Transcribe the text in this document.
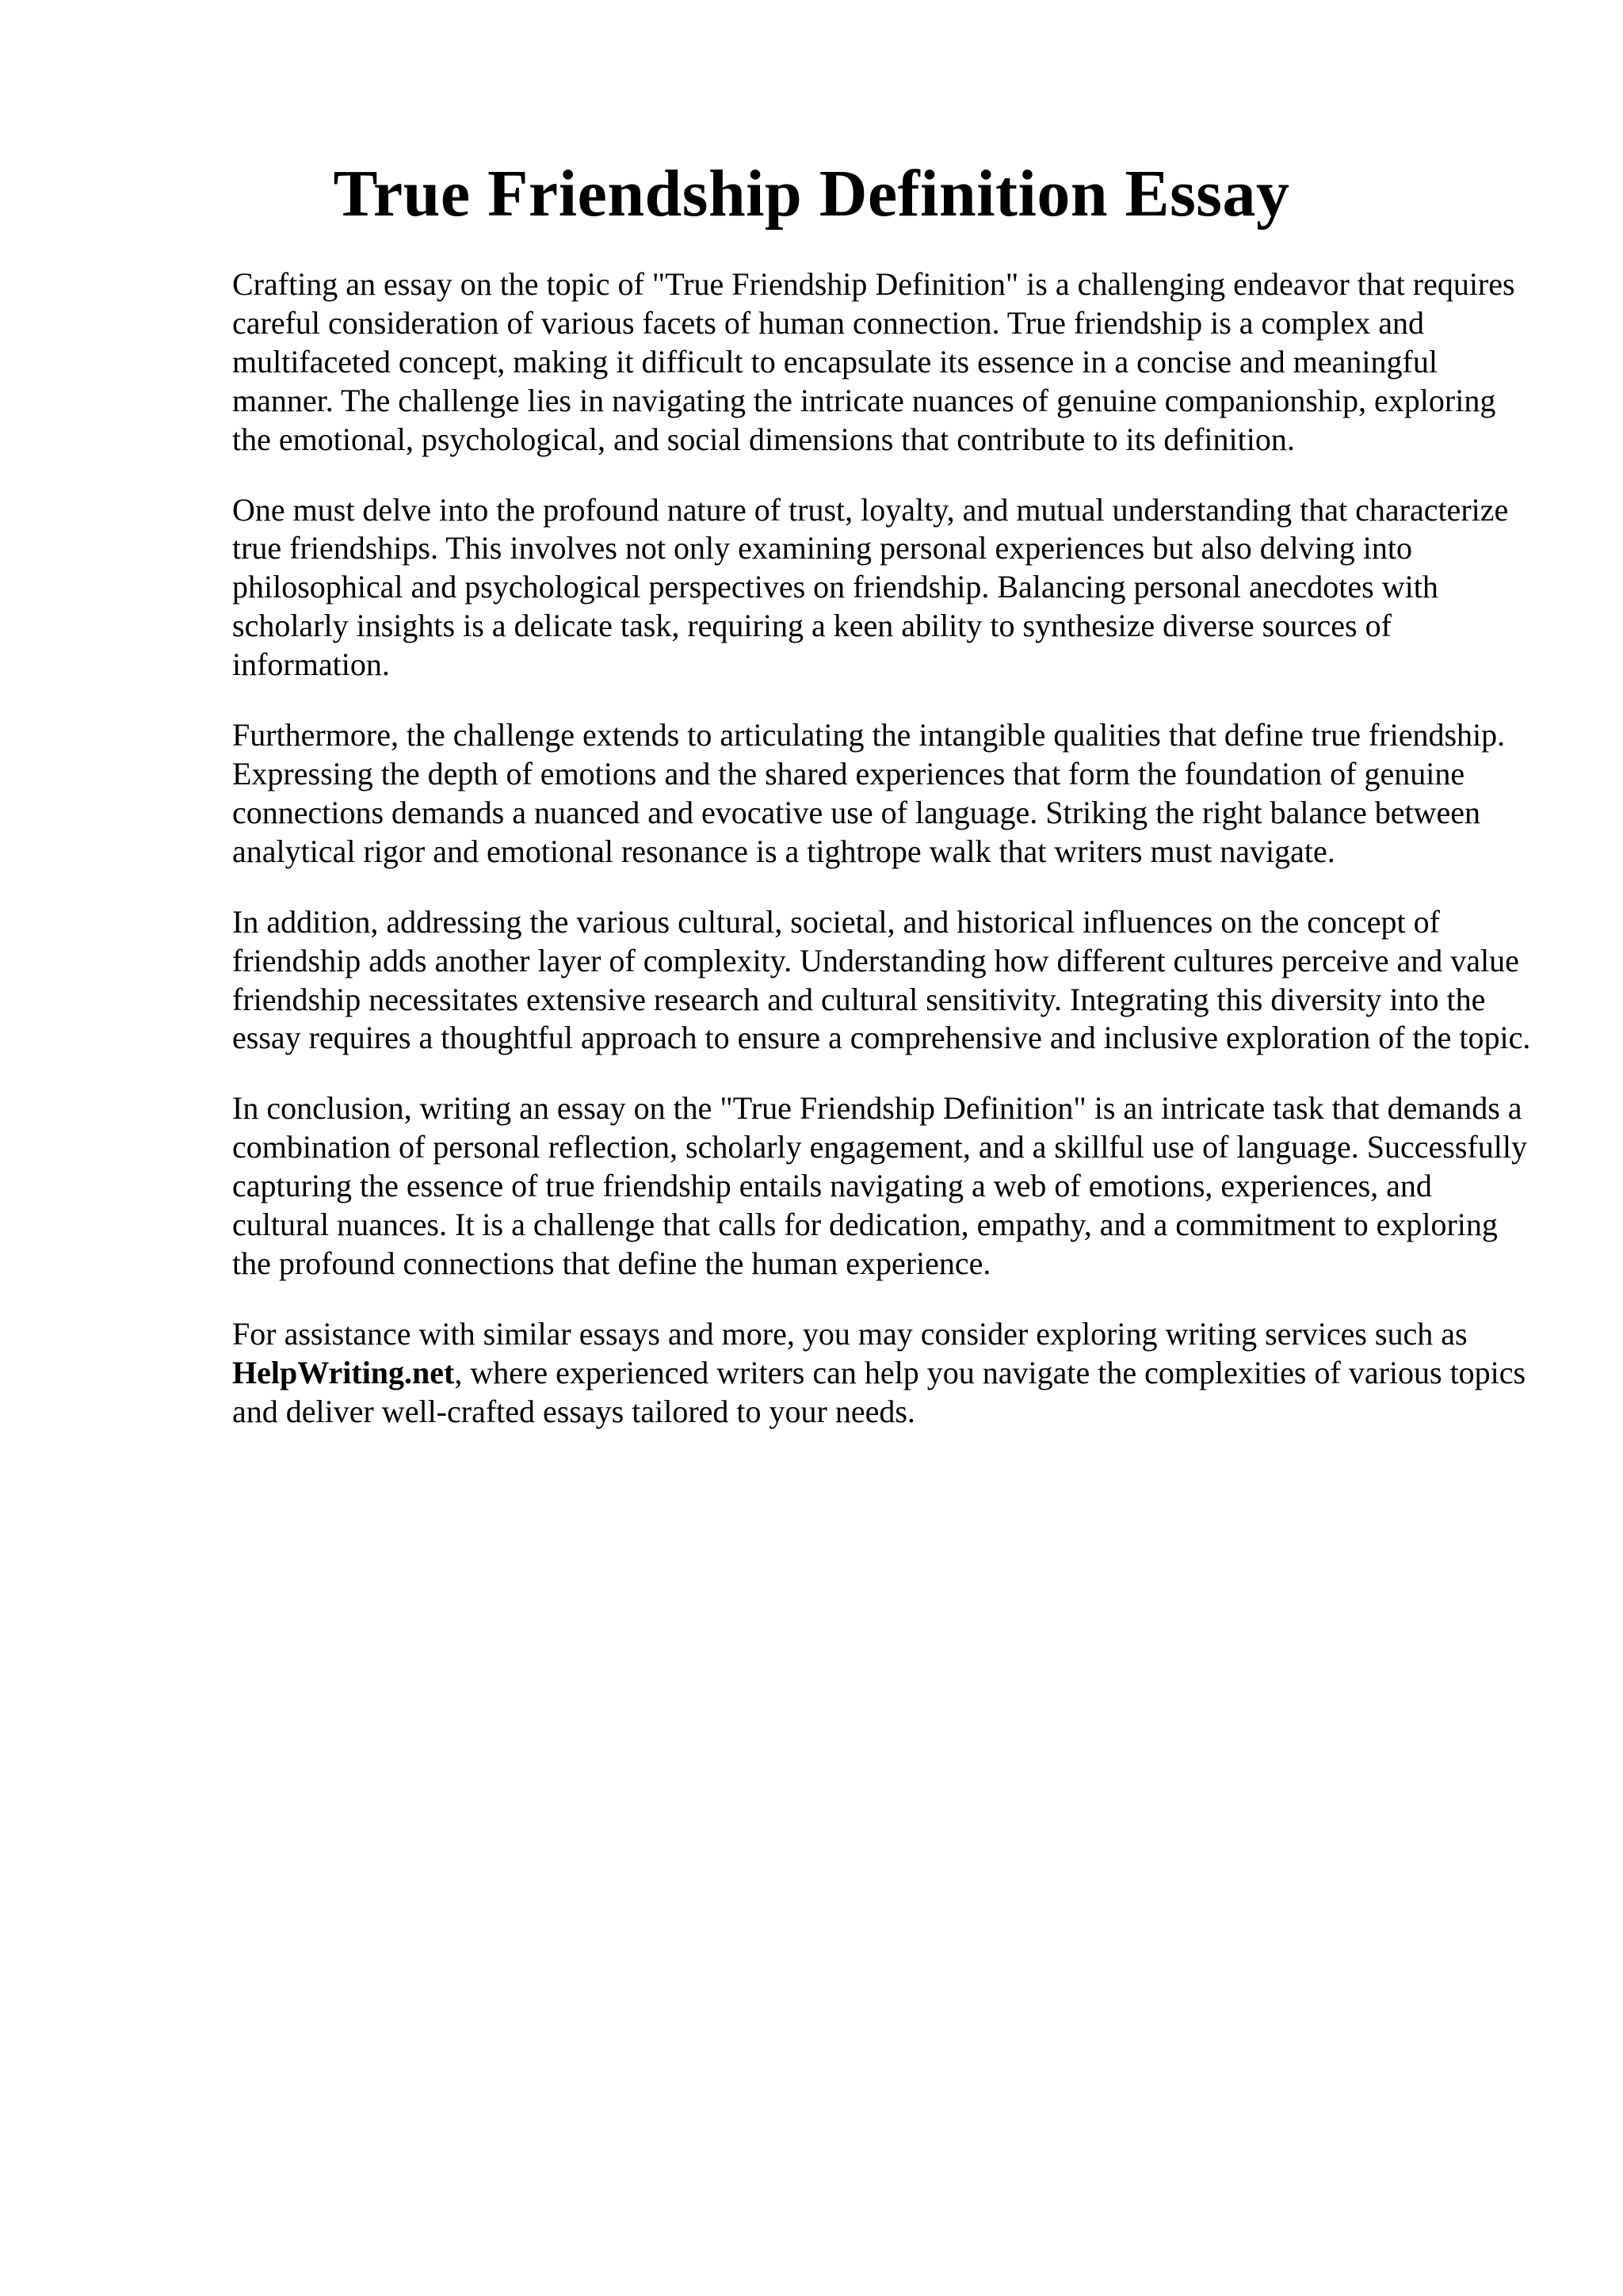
True Friendship Definition Essay

Crafting an essay on the topic of "True Friendship Definition" is a challenging endeavor that requires careful consideration of various facets of human connection. True friendship is a complex and multifaceted concept, making it difficult to encapsulate its essence in a concise and meaningful manner. The challenge lies in navigating the intricate nuances of genuine companionship, exploring the emotional, psychological, and social dimensions that contribute to its definition.

One must delve into the profound nature of trust, loyalty, and mutual understanding that characterize true friendships. This involves not only examining personal experiences but also delving into philosophical and psychological perspectives on friendship. Balancing personal anecdotes with scholarly insights is a delicate task, requiring a keen ability to synthesize diverse sources of information.

Furthermore, the challenge extends to articulating the intangible qualities that define true friendship. Expressing the depth of emotions and the shared experiences that form the foundation of genuine connections demands a nuanced and evocative use of language. Striking the right balance between analytical rigor and emotional resonance is a tightrope walk that writers must navigate.

In addition, addressing the various cultural, societal, and historical influences on the concept of friendship adds another layer of complexity. Understanding how different cultures perceive and value friendship necessitates extensive research and cultural sensitivity. Integrating this diversity into the essay requires a thoughtful approach to ensure a comprehensive and inclusive exploration of the topic.

In conclusion, writing an essay on the "True Friendship Definition" is an intricate task that demands a combination of personal reflection, scholarly engagement, and a skillful use of language. Successfully capturing the essence of true friendship entails navigating a web of emotions, experiences, and cultural nuances. It is a challenge that calls for dedication, empathy, and a commitment to exploring the profound connections that define the human experience.

For assistance with similar essays and more, you may consider exploring writing services such as HelpWriting.net, where experienced writers can help you navigate the complexities of various topics and deliver well-crafted essays tailored to your needs.
